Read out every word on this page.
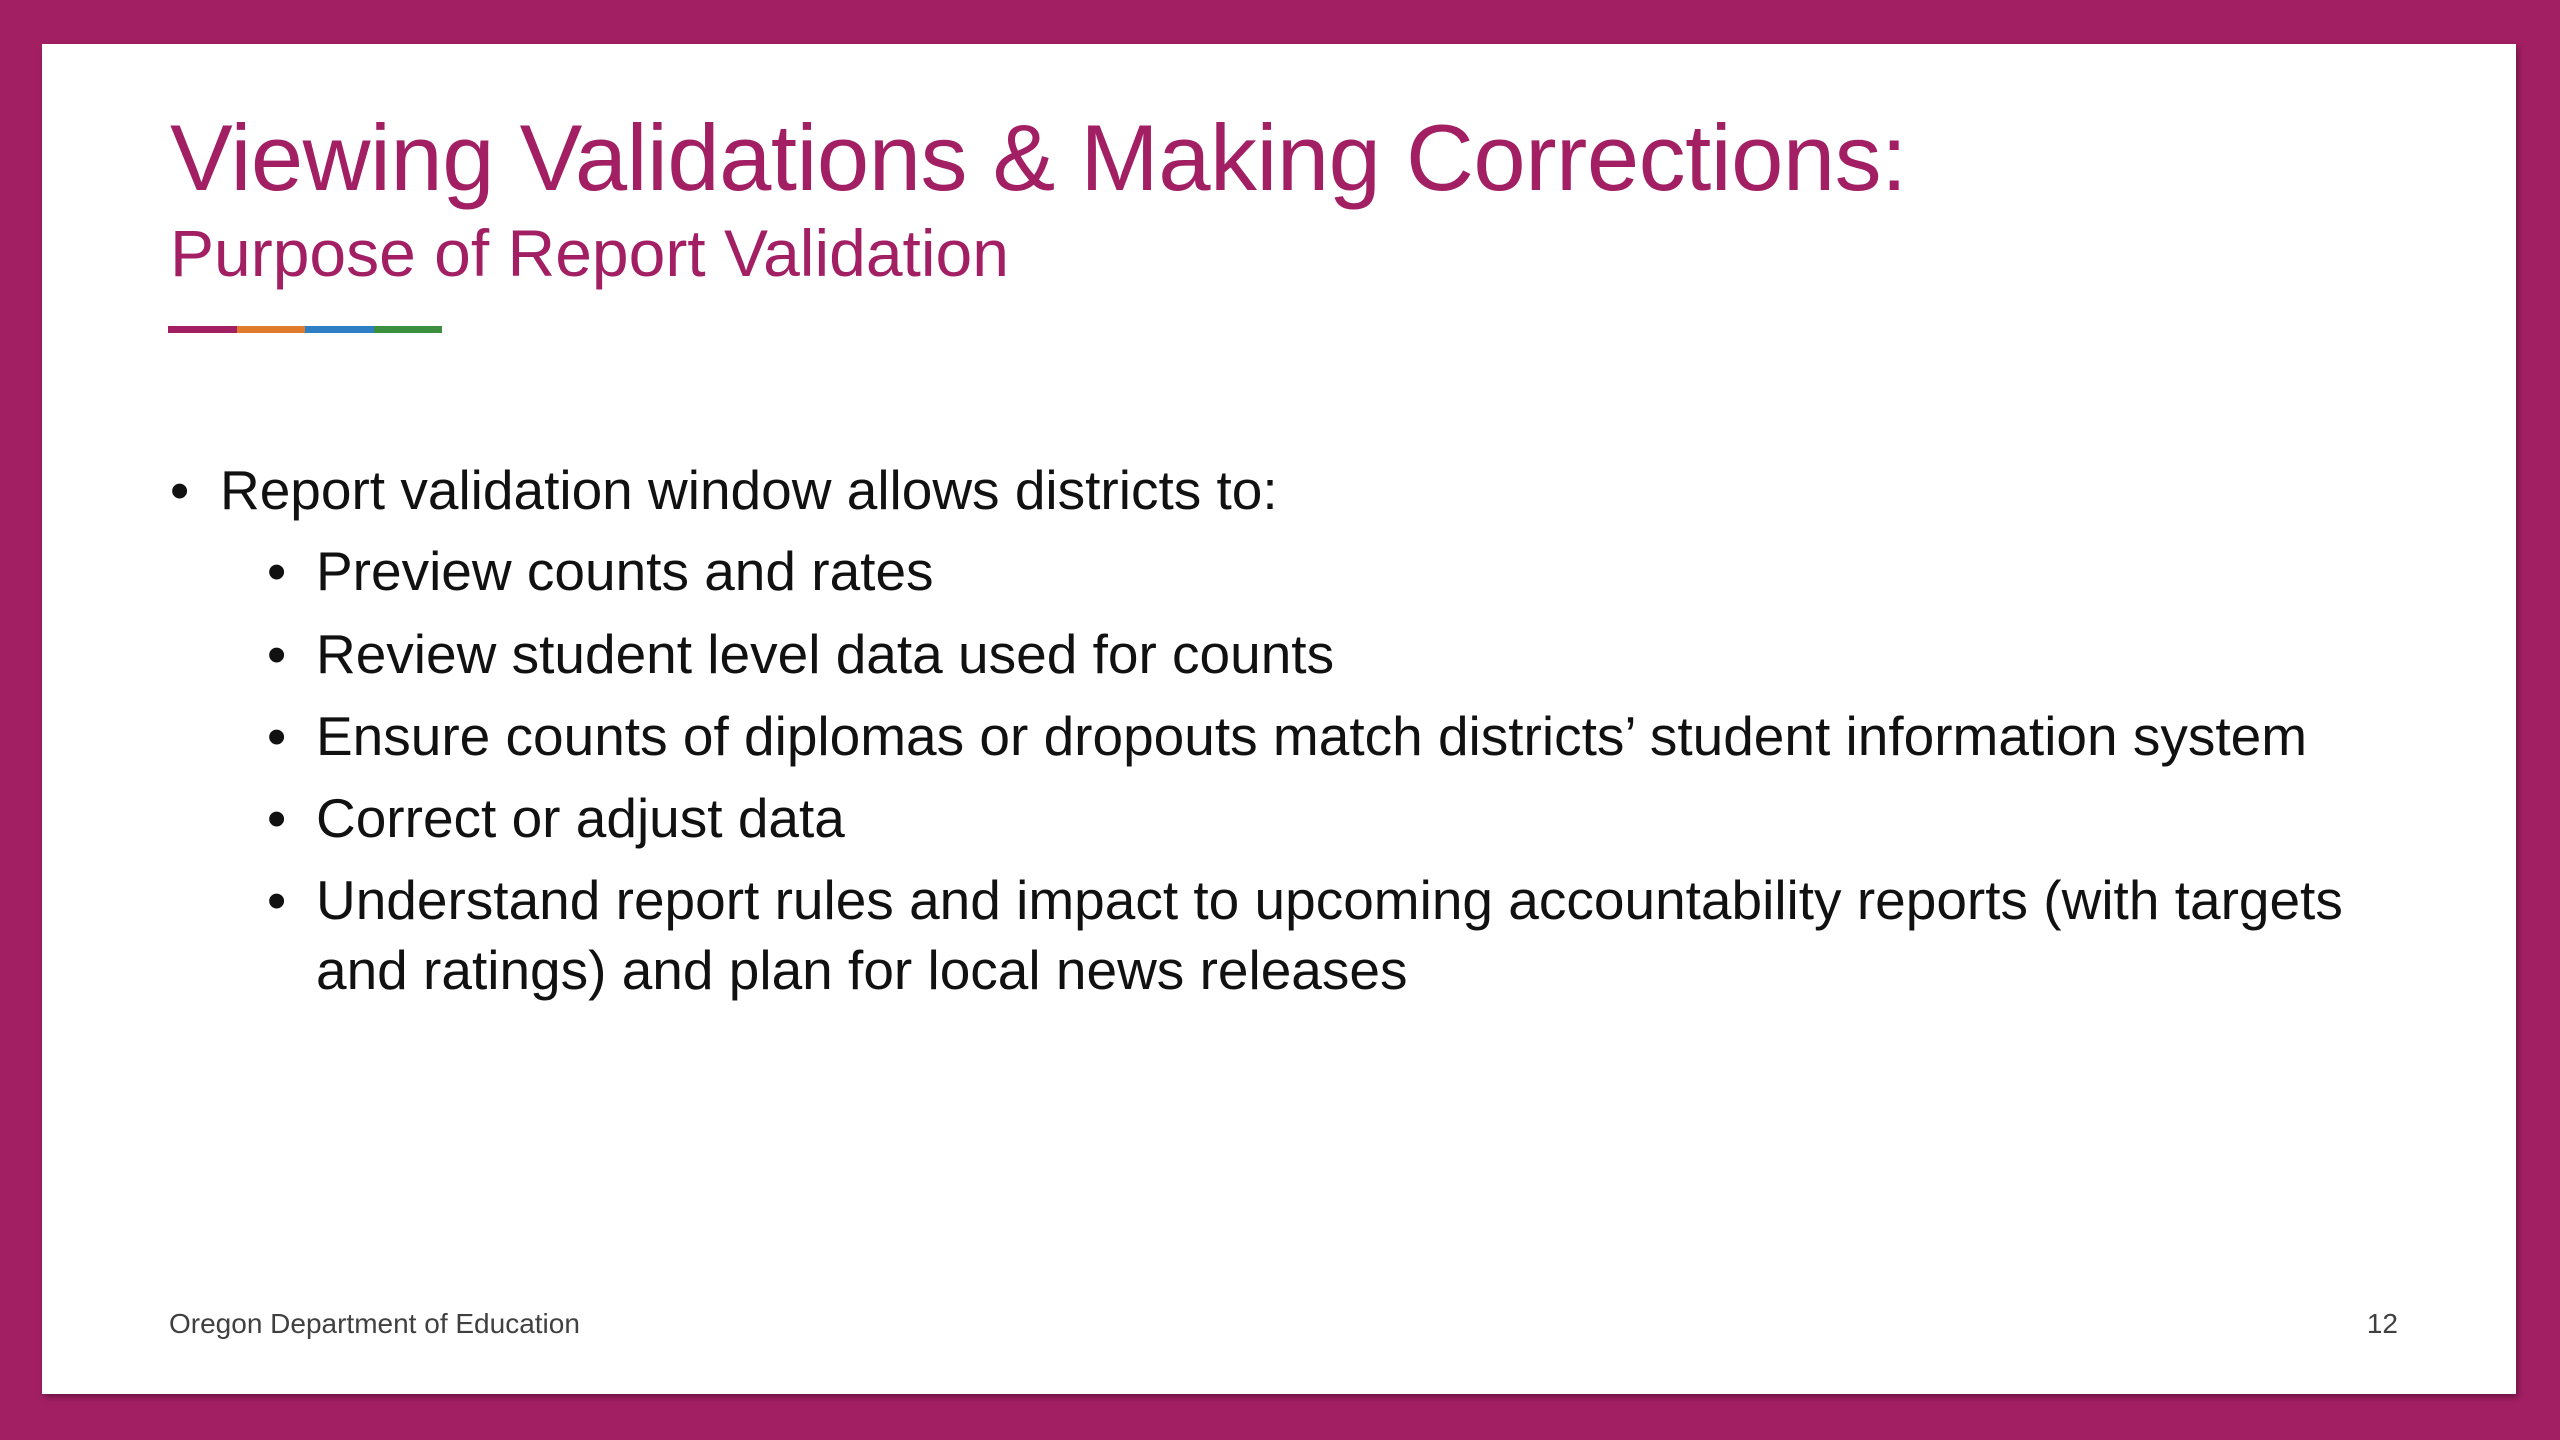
Viewing Validations & Making Corrections:
Purpose of Report Validation
• Report validation window allows districts to:
• Preview counts and rates
• Review student level data used for counts
• Ensure counts of diplomas or dropouts match districts’ student information system
• Correct or adjust data
• Understand report rules and impact to upcoming accountability reports (with targets and ratings) and plan for local news releases
Oregon Department of Education	12
